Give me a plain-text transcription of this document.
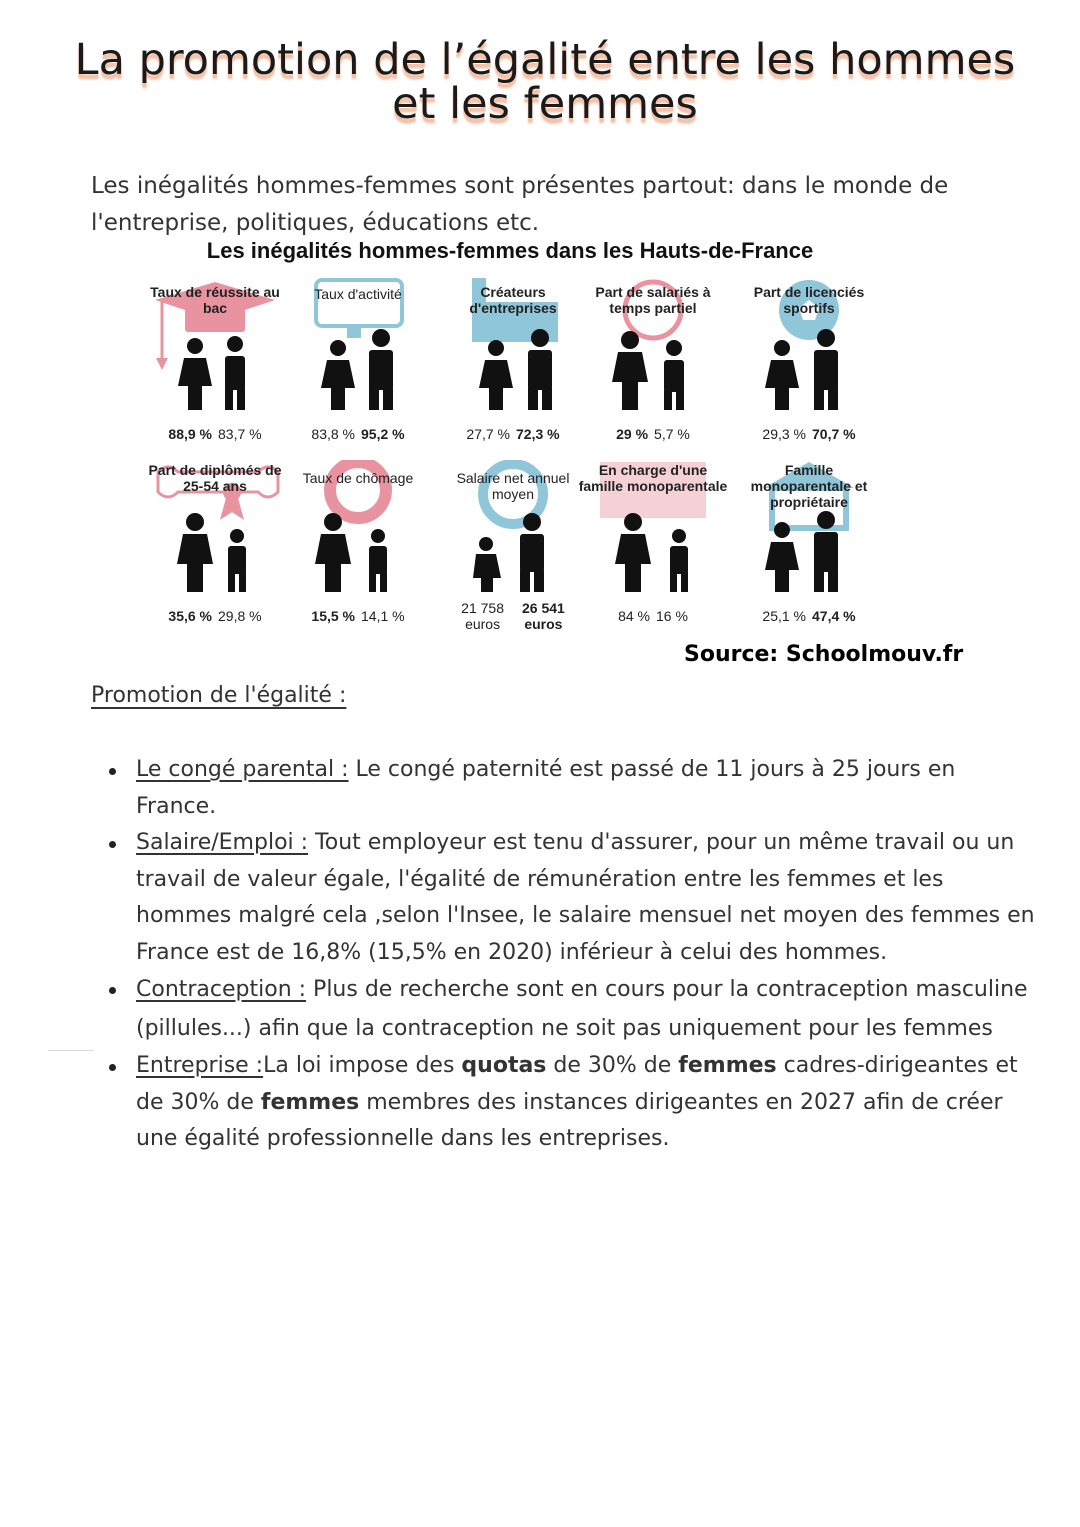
La promotion de l’égalité entre les hommes et les femmes
Les inégalités hommes-femmes sont présentes partout: dans le monde de l'entreprise, politiques, éducations etc.
Les inégalités hommes-femmes dans les Hauts-de-France
Taux de réussite au bac
88,9 % 83,7 %
Taux d'activité
83,8 % 95,2 %
Créateurs d'entreprises
27,7 % 72,3 %
Part de salariés à temps partiel
29 % 5,7 %
Part de licenciés sportifs
29,3 % 70,7 %
Part de diplômés de 25-54 ans
35,6 % 29,8 %
Taux de chômage
15,5 % 14,1 %
Salaire net annuel moyen
21 758
euros
26 541
euros
En charge d'une famille monoparentale
84 % 16 %
Famille monoparentale et propriétaire
25,1 % 47,4 %
Source: Schoolmouv.fr
Promotion de l'égalité :
Le congé parental : Le congé paternité est passé de 11 jours à 25 jours en France.
Salaire/Emploi : Tout employeur est tenu d'assurer, pour un même travail ou un travail de valeur égale, l'égalité de rémunération entre les femmes et les hommes malgré cela ,selon l'Insee, le salaire mensuel net moyen des femmes en France est de 16,8% (15,5% en 2020) inférieur à celui des hommes.
Contraception : Plus de recherche sont en cours pour la contraception masculine (pillules...) afin que la contraception ne soit pas uniquement pour les femmes
Entreprise :La loi impose des quotas de 30% de femmes cadres-dirigeantes et de 30% de femmes membres des instances dirigeantes en 2027 afin de créer une égalité professionnelle dans les entreprises.
